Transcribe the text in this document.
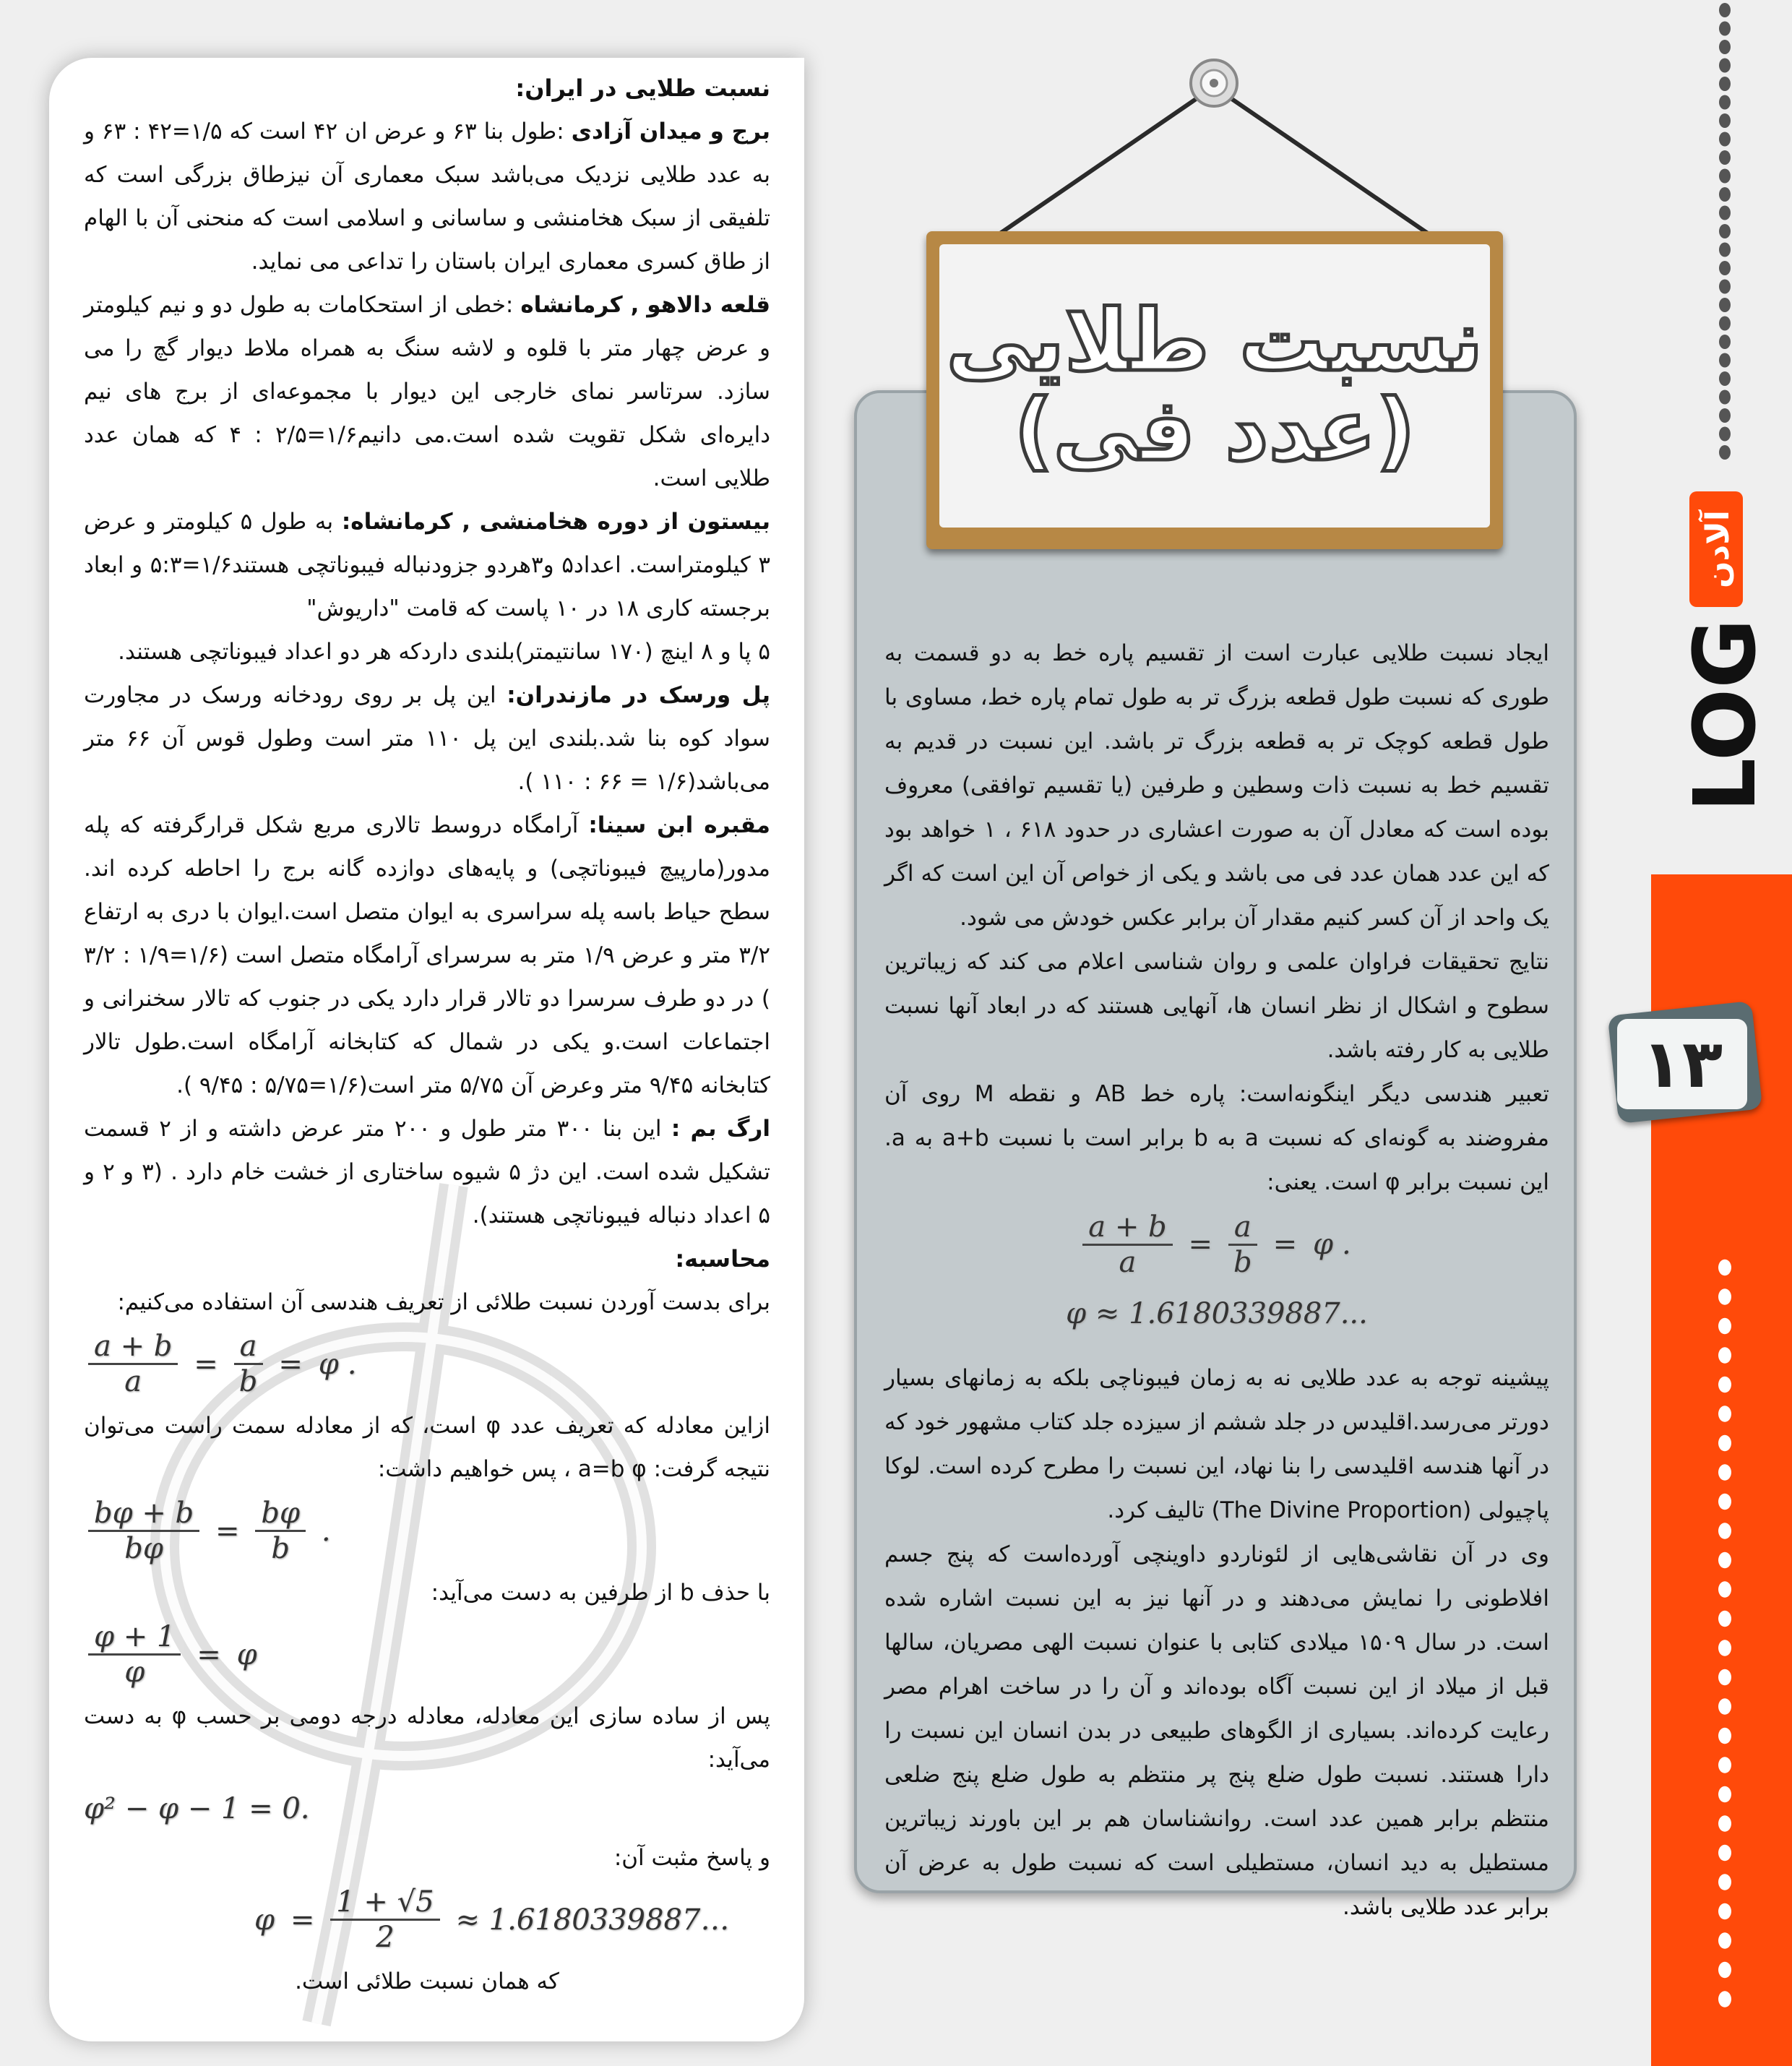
نسبت طلایی در ایران:

برج و میدان آزادی :طول بنا ۶۳ و عرض ان ۴۲ است که ۱/۵=۴۲ : ۶۳ و به عدد طلایی نزدیک می‌باشد سبک معماری آن نیزطاق بزرگی است که تلفیقی از سبک هخامنشی و ساسانی و اسلامی است که منحنی آن با الهام از طاق کسری معماری ایران باستان را تداعی می نماید.

قلعه دالاهو , کرمانشاه :خطی از استحکامات به طول دو و نیم کیلومتر و عرض چهار متر با قلوه و لاشه سنگ به همراه ملاط دیوار گچ را می سازد. سرتاسر نمای خارجی این دیوار با مجموعه‌ای از برج های نیم دایره‌ای شکل تقویت شده است.می دانیم۱/۶=۲/۵ : ۴ که همان عدد طلایی است.

بیستون از دوره هخامنشی , کرمانشاه: به طول ۵ کیلومتر و عرض ۳ کیلومتراست. اعداد۵ و۳هردو جزودنباله فیبوناتچی هستند۱/۶=۵:۳ و ابعاد برجسته کاری ۱۸ در ۱۰ پاست که قامت "داریوش"

۵ پا و ۸ اینچ (۱۷۰ سانتیمتر)بلندی داردکه هر دو اعداد فیبوناتچی هستند.

پل ورسک در مازندران: این پل بر روی رودخانه ورسک در مجاورت سواد کوه بنا شد.بلندی این پل ۱۱۰ متر است وطول قوس آن ۶۶ متر می‌باشد(۱/۶ = ۶۶ : ۱۱۰ ).

مقبره ابن سینا: آرامگاه دروسط تالاری مربع شکل قرارگرفته که پله مدور(مارپیچ فیبوناتچی) و پایه‌های دوازده گانه برج را احاطه کرده اند. سطح حیاط باسه پله سراسری به ایوان متصل است.ایوان با دری به ارتفاع ۳/۲ متر و عرض ۱/۹ متر به سرسرای آرامگاه متصل است (۱/۶=۱/۹ : ۳/۲ ) در دو طرف سرسرا دو تالار قرار دارد یکی در جنوب که تالار سخنرانی و اجتماعات است.و یکی در شمال که کتابخانه آرامگاه است.طول تالار کتابخانه ۹/۴۵ متر وعرض آن ۵/۷۵ متر است(۱/۶=۵/۷۵ : ۹/۴۵ ).

ارگ بم : این بنا ۳۰۰ متر طول و ۲۰۰ متر عرض داشته و از ۲ قسمت تشکیل شده است. این دژ ۵ شیوه ساختاری از خشت خام دارد . (۳ و ۲ و ۵ اعداد دنباله فیبوناتچی هستند).

محاسبه:

برای بدست آوردن نسبت طلائی از تعریف هندسی آن استفاده می‌کنیم:

$\frac{a + b}{a} = \frac{a}{b} = \varphi$ .

ازاین معادله که تعریف عدد φ است، که از معادله سمت راست می‌توان نتیجه گرفت: a=b φ ، پس خواهیم داشت:

$\frac{b\varphi + b}{b\varphi} = \frac{b\varphi}{b}$ .

با حذف b از طرفین به دست می‌آید:

$\frac{\varphi + 1}{\varphi} = \varphi$

پس از ساده سازی این معادله، معادله درجه دومی بر حسب φ به دست می‌آید:

φ² − φ − 1 = 0.

و پاسخ مثبت آن:

$\varphi = \frac{1 + √5}{2}$ ≈ 1.6180339887…

که همان نسبت طلائی است.

ایجاد نسبت طلایی عبارت است از تقسیم پاره خط به دو قسمت به طوری که نسبت طول قطعه بزرگ تر به طول تمام پاره خط، مساوی با طول قطعه کوچک تر به قطعه بزرگ تر باشد. این نسبت در قدیم به تقسیم خط به نسبت ذات وسطین و طرفین (یا تقسیم توافقی) معروف بوده است که معادل آن به صورت اعشاری در حدود ۶۱۸ ، ۱ خواهد بود که این عدد همان عدد فی می باشد و یکی از خواص آن این است که اگر یک واحد از آن کسر کنیم مقدار آن برابر عکس خودش می شود.

نتایج تحقیقات فراوان علمی و روان شناسی اعلام می کند که زیباترین سطوح و اشکال از نظر انسان ها، آنهایی هستند که در ابعاد آنها نسبت طلایی به کار رفته باشد.

تعبیر هندسی دیگر اینگونه‌است: پاره خط AB و نقطه M روی آن مفروضند به گونه‌ای که نسبت a به b برابر است با نسبت a+b به a. این نسبت برابر φ است. یعنی:

$\frac{a + b}{a} = \frac{a}{b} = \varphi$ .
φ ≈ 1.6180339887...

پیشینه توجه به عدد طلایی نه به زمان فیبوناچی بلکه به زمانهای بسیار دورتر می‌رسد.اقلیدس در جلد ششم از سیزده جلد کتاب مشهور خود که در آنها هندسه اقلیدسی را بنا نهاد، این نسبت را مطرح کرده است. لوکا پاچیولی (The Divine Proportion) تالیف کرد.

وی در آن نقاشی‌هایی از لئوناردو داوینچی آورده‌است که پنج جسم افلاطونی را نمایش می‌دهند و در آنها نیز به این نسبت اشاره شده است. در سال ۱۵۰۹ میلادی کتابی با عنوان نسبت الهی مصریان، سالها قبل از میلاد از این نسبت آگاه بوده‌اند و آن را در ساخت اهرام مصر رعایت کرده‌اند. بسیاری از الگوهای طبیعی در بدن انسان این نسبت را دارا هستند. نسبت طول ضلع پنج پر منتظم به طول ضلع پنج ضلعی منتظم برابر همین عدد است. روانشناسان هم بر این باورند زیباترین مستطیل به دید انسان، مستطیلی است که نسبت طول به عرض آن برابر عدد طلایی باشد.

نسبت طلایی
(عدد فی)
LOG
آلادن
۱۳
